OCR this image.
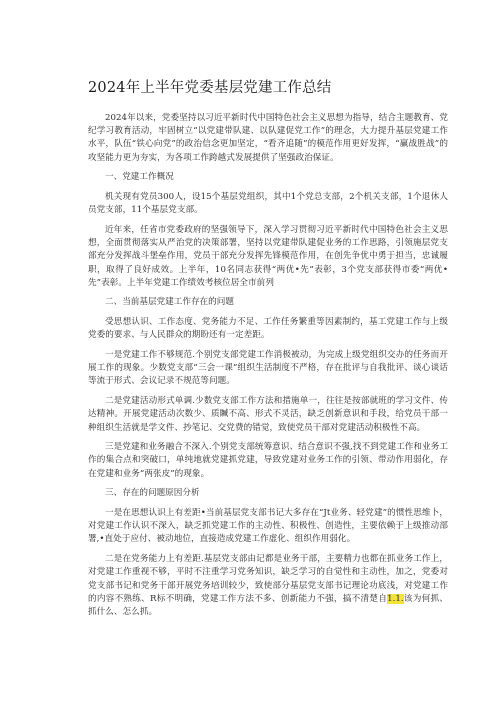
2024年上半年党委基层党建工作总结

2024年以来，党委坚持以习近平新时代中国特色社会主义思想为指导，结合主题教育、党纪学习教育活动，牢固树立“以党建带队建、以队建促党工作”的理念，大力提升基层党建工作水平，队伍“铁心向党”的政治信念更加坚定，“看齐追随”的模范作用更好发挥，“赢战胜战”的攻坚能力更为夯实，为各项工作跨越式发展提供了坚强政治保证。

一、党建工作概况

机关现有党员300人，设15个基层党组织，其中1个党总支部，2个机关支部，1个退休人员党支部，11个基层党支部。

近年来，任省市党委政府的坚强领导下，深入学习贯彻习近平新时代中国特色社会主义思想，全面贯彻落实从严治党的决策部署，坚持以党建带队建促业务的工作思路，引领施层党支部充分发挥战斗堡垒作用，党员干部充分发挥先锋模范作用，在创先争优中勇于担当，忠诚履职，取得了良好成效。上半年，10名同志获得“两优•先”表彰，3个党支部获得市委“两优•先”表彰。上半年党建工作绩效考核位居全市前列

二、当前基层党建工作存在的问题

受思想认识、工作态度、党务能力不足、工作任务繁重等因素制约，基工党建工作与上级党委的要求、与人民群众的期盼还有一定差距。

一是党建工作不够规范.个别党支部党建工作消极被动，为完成上级党组织交办的任务而开展工作的现象。少数党支部“三会一课”组织生活制度不严格，存在批评与自我批评、谈心谈话等流于形式、会议记录不规范等问题。

二是党建活动形式单调.少数党支部工作方法和措施单一，往往是按部就班的学习文件、传达精神。开展党建活动次数少、质贓不高、形式不灵活，缺乏创新意识和手段，给党员干部一种组织生活就是学文件、抄笔记、交党费的错觉，致使党员干部对党建活动积极性不高。

三是党建和业务融合不深入.个别党支部统筹意识、结合意识不强,找不到党建工作和业务工作的集合点和突破口，单纯地就党建抓党建，导致党建对业务工作的引领、带动作用弱化，存在党建和业务“两张皮”的现象。

三、存在的问题原因分析

一是在思想认识上有差距•当前基层党支部书记大多存在“Jt业务、轻党建”的惯性思维卜，对党建工作认识不深入，缺乏抓党建工作的主动性、积极性、创造性，主要依赖于上级推动部署,•直处于应付、被动地位，直接造成党建工作虚化、组织作用弱化。

二是在党务能力上有差距.基层党支部由记都是业务干部，主要精力也都在抓业务工作上，对党建工作重视不够，平时不注重学习党务知识，缺乏学习的自觉性和主动性，加之，党委对党支部书记和党务干部开展党务培训较少，致使部分基层党支部书记理论功底浅，对党建工作的内容不熟练、R标不明确，党建工作方法不多、创新能力不强，搞不清楚自1.1.该为何抓、抓什么、怎么抓。
